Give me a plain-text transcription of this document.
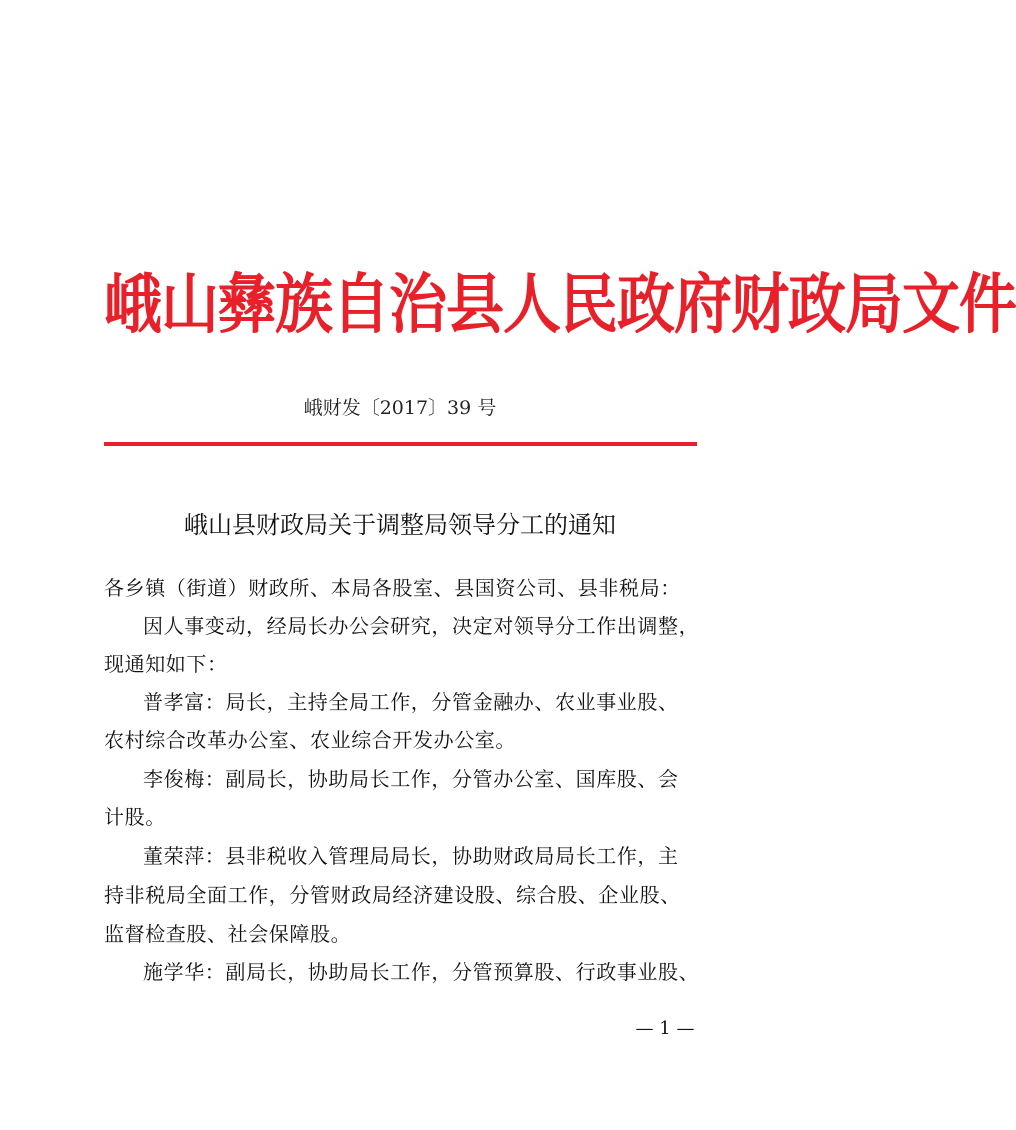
峨山彝族自治县人民政府财政局文件
峨财发〔2017〕39 号
峨山县财政局关于调整局领导分工的通知
各乡镇（街道）财政所、本局各股室、县国资公司、县非税局：
因人事变动，经局长办公会研究，决定对领导分工作出调整，
现通知如下：
普孝富：局长，主持全局工作，分管金融办、农业事业股、
农村综合改革办公室、农业综合开发办公室。
李俊梅：副局长，协助局长工作，分管办公室、国库股、会
计股。
董荣萍：县非税收入管理局局长，协助财政局局长工作，主
持非税局全面工作，分管财政局经济建设股、综合股、企业股、
监督检查股、社会保障股。
施学华：副局长，协助局长工作，分管预算股、行政事业股、
— 1 —
